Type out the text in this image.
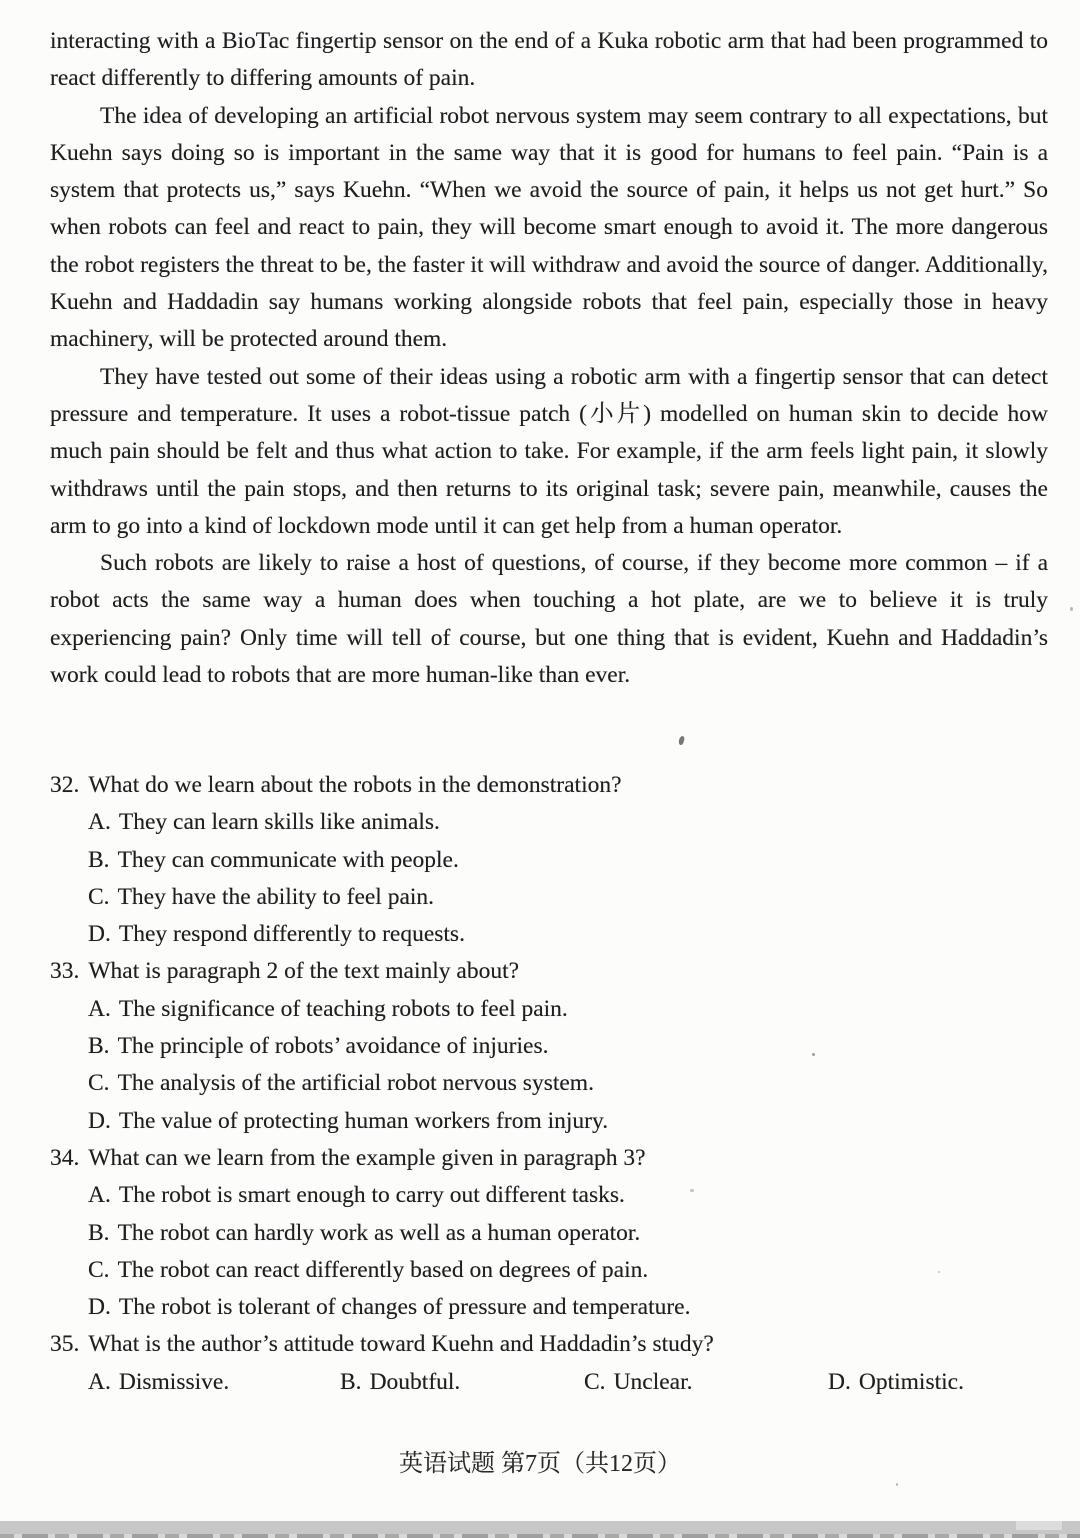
interacting with a BioTac fingertip sensor on the end of a Kuka robotic arm that had been programmed to react differently to differing amounts of pain.

The idea of developing an artificial robot nervous system may seem contrary to all expectations, but Kuehn says doing so is important in the same way that it is good for humans to feel pain. “Pain is a system that protects us,” says Kuehn. “When we avoid the source of pain, it helps us not get hurt.” So when robots can feel and react to pain, they will become smart enough to avoid it. The more dangerous the robot registers the threat to be, the faster it will withdraw and avoid the source of danger. Additionally, Kuehn and Haddadin say humans working alongside robots that feel pain, especially those in heavy machinery, will be protected around them.

They have tested out some of their ideas using a robotic arm with a fingertip sensor that can detect pressure and temperature. It uses a robot-tissue patch (小片) modelled on human skin to decide how much pain should be felt and thus what action to take. For example, if the arm feels light pain, it slowly withdraws until the pain stops, and then returns to its original task; severe pain, meanwhile, causes the arm to go into a kind of lockdown mode until it can get help from a human operator.

Such robots are likely to raise a host of questions, of course, if they become more common – if a robot acts the same way a human does when touching a hot plate, are we to believe it is truly experiencing pain? Only time will tell of course, but one thing that is evident, Kuehn and Haddadin’s work could lead to robots that are more human-like than ever.

32. What do we learn about the robots in the demonstration?
A. They can learn skills like animals.
B. They can communicate with people.
C. They have the ability to feel pain.
D. They respond differently to requests.
33. What is paragraph 2 of the text mainly about?
A. The significance of teaching robots to feel pain.
B. The principle of robots’ avoidance of injuries.
C. The analysis of the artificial robot nervous system.
D. The value of protecting human workers from injury.
34. What can we learn from the example given in paragraph 3?
A. The robot is smart enough to carry out different tasks.
B. The robot can hardly work as well as a human operator.
C. The robot can react differently based on degrees of pain.
D. The robot is tolerant of changes of pressure and temperature.
35. What is the author’s attitude toward Kuehn and Haddadin’s study?
A. Dismissive.	B. Doubtful.	C. Unclear.	D. Optimistic.
英语试题 第7页（共12页）
